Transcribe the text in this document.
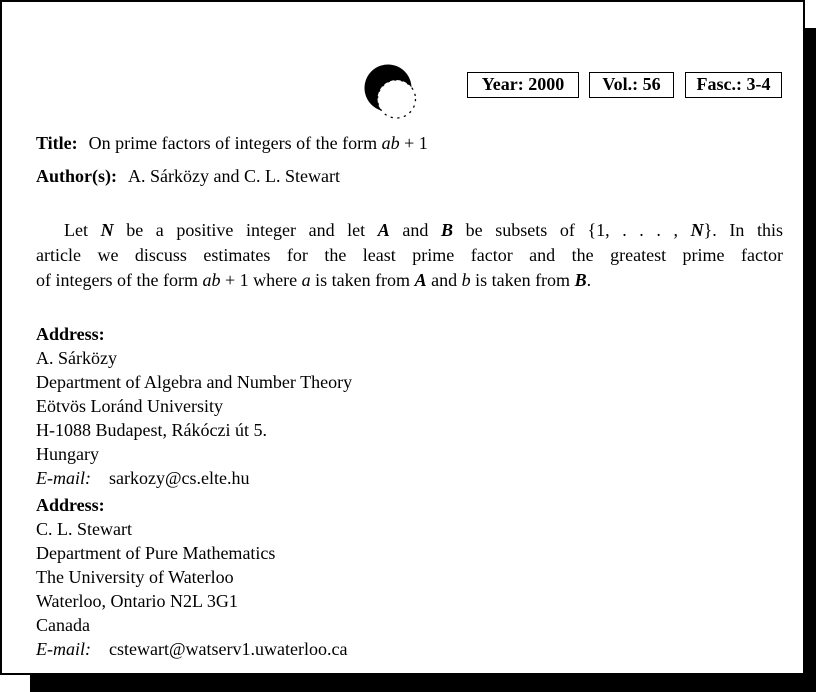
Year: 2000	Vol.: 56	Fasc.: 3-4
Title: On prime factors of integers of the form ab + 1
Author(s): A. Sárközy and C. L. Stewart
Let N be a positive integer and let A and B be subsets of {1, . . . , N}. In this
article we discuss estimates for the least prime factor and the greatest prime factor
of integers of the form ab + 1 where a is taken from A and b is taken from B.
Address:
A. Sárközy
Department of Algebra and Number Theory
Eötvös Loránd University
H-1088 Budapest, Rákóczi út 5.
Hungary
E-mail: sarkozy@cs.elte.hu
Address:
C. L. Stewart
Department of Pure Mathematics
The University of Waterloo
Waterloo, Ontario N2L 3G1
Canada
E-mail: cstewart@watserv1.uwaterloo.ca
